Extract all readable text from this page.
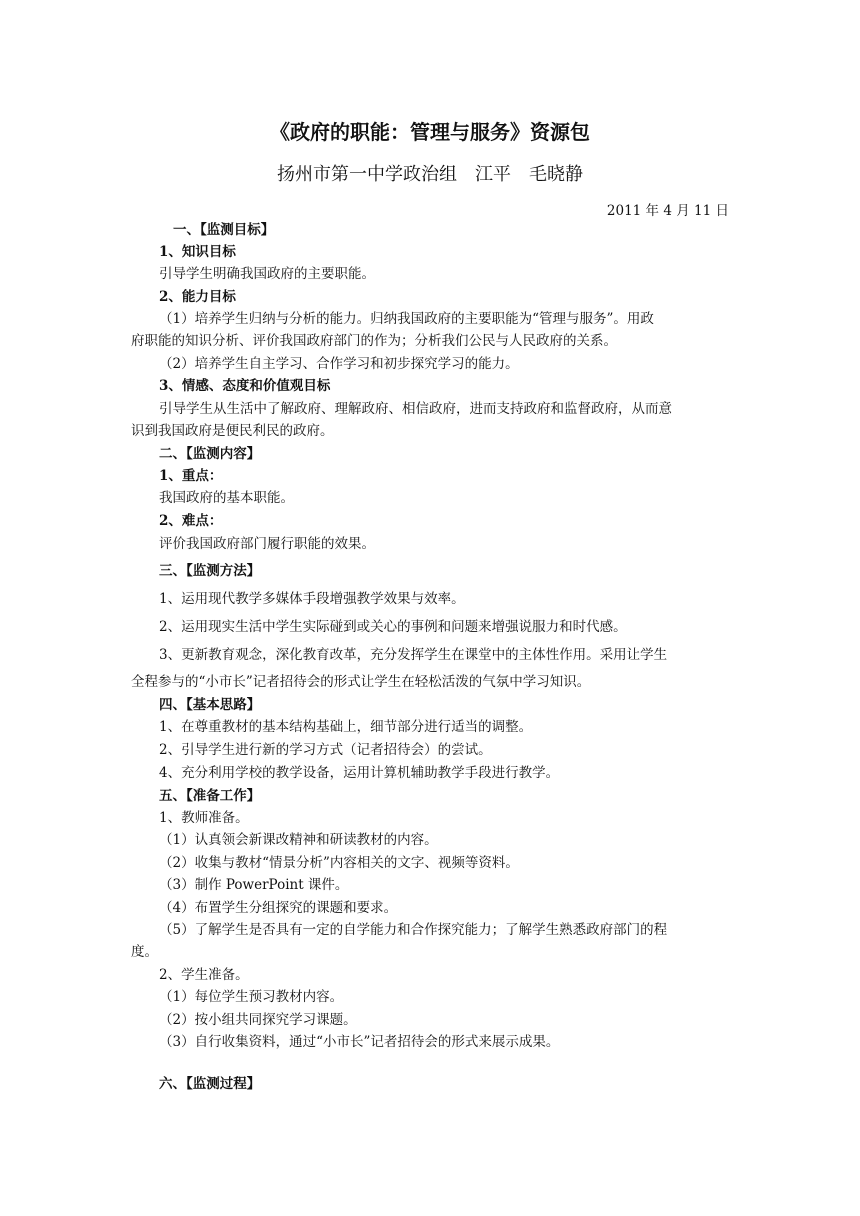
《政府的职能：管理与服务》资源包
扬州市第一中学政治组　江平　毛晓静
2011 年 4 月 11 日
一、【监测目标】
1、知识目标
引导学生明确我国政府的主要职能。
2、能力目标
（1）培养学生归纳与分析的能力。归纳我国政府的主要职能为“管理与服务”。用政
府职能的知识分析、评价我国政府部门的作为；分析我们公民与人民政府的关系。
（2）培养学生自主学习、合作学习和初步探究学习的能力。
3、情感、态度和价值观目标
引导学生从生活中了解政府、理解政府、相信政府，进而支持政府和监督政府，从而意
识到我国政府是便民利民的政府。
二、【监测内容】
1、重点：
我国政府的基本职能。
2、难点：
评价我国政府部门履行职能的效果。
三、【监测方法】
1、运用现代教学多媒体手段增强教学效果与效率。
2、运用现实生活中学生实际碰到或关心的事例和问题来增强说服力和时代感。
3、更新教育观念，深化教育改革，充分发挥学生在课堂中的主体性作用。采用让学生
全程参与的“小市长”记者招待会的形式让学生在轻松活泼的气氛中学习知识。
四、【基本思路】
1、在尊重教材的基本结构基础上，细节部分进行适当的调整。
2、引导学生进行新的学习方式（记者招待会）的尝试。
4、充分利用学校的教学设备，运用计算机辅助教学手段进行教学。
五、【准备工作】
1、教师准备。
（1）认真领会新课改精神和研读教材的内容。
（2）收集与教材“情景分析”内容相关的文字、视频等资料。
（3）制作 PowerPoint 课件。
（4）布置学生分组探究的课题和要求。
（5）了解学生是否具有一定的自学能力和合作探究能力；了解学生熟悉政府部门的程
度。
2、学生准备。
（1）每位学生预习教材内容。
（2）按小组共同探究学习课题。
（3）自行收集资料，通过“小市长”记者招待会的形式来展示成果。
六、【监测过程】
